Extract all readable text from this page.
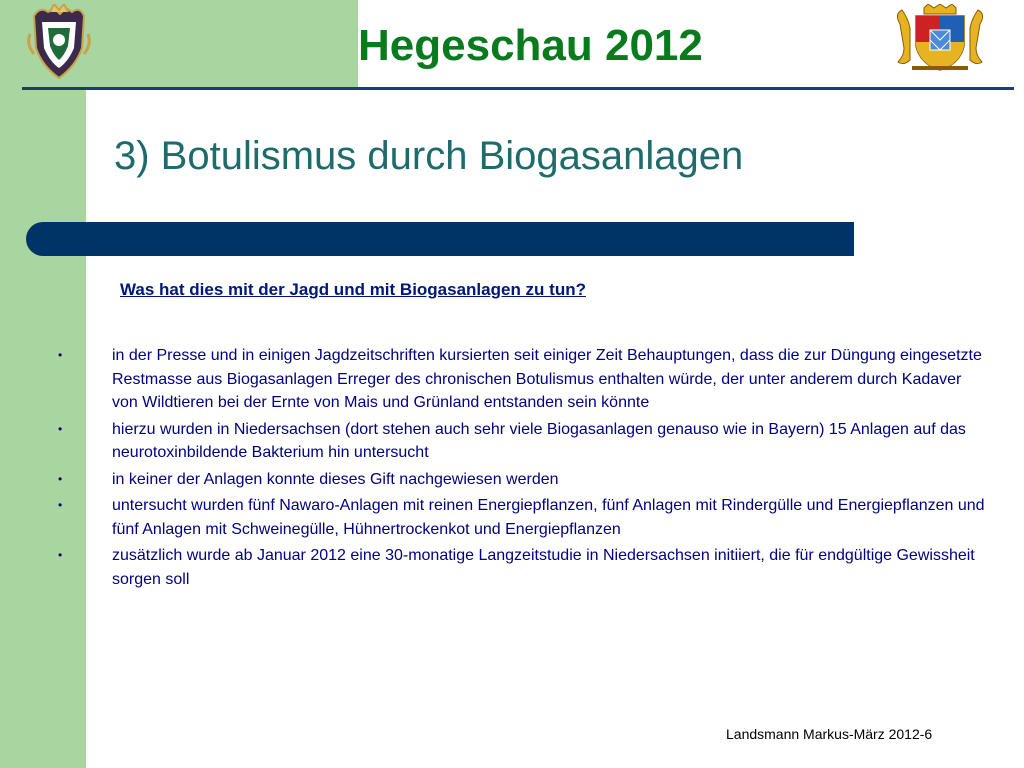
Hegeschau 2012
3) Botulismus durch Biogasanlagen
Was hat dies mit der Jagd und mit Biogasanlagen zu tun?
•	in der Presse und in einigen Jagdzeitschriften kursierten seit einiger Zeit Behauptungen, dass die zur Düngung eingesetzte Restmasse aus Biogasanlagen Erreger des chronischen Botulismus enthalten würde, der unter anderem durch Kadaver von Wildtieren bei der Ernte von Mais und Grünland entstanden sein könnte
•	hierzu wurden in Niedersachsen (dort stehen auch sehr viele Biogasanlagen genauso wie in Bayern) 15 Anlagen auf das neurotoxinbildende Bakterium hin untersucht
•	in keiner der Anlagen konnte dieses Gift nachgewiesen werden
•	untersucht wurden fünf Nawaro-Anlagen mit reinen Energiepflanzen, fünf Anlagen mit Rindergülle und Energiepflanzen und fünf Anlagen mit Schweinegülle, Hühnertrockenkot und Energiepflanzen
•	zusätzlich wurde ab Januar 2012 eine 30-monatige Langzeitstudie in Niedersachsen initiiert, die für endgültige Gewissheit sorgen soll
Landsmann Markus-März 2012-6
